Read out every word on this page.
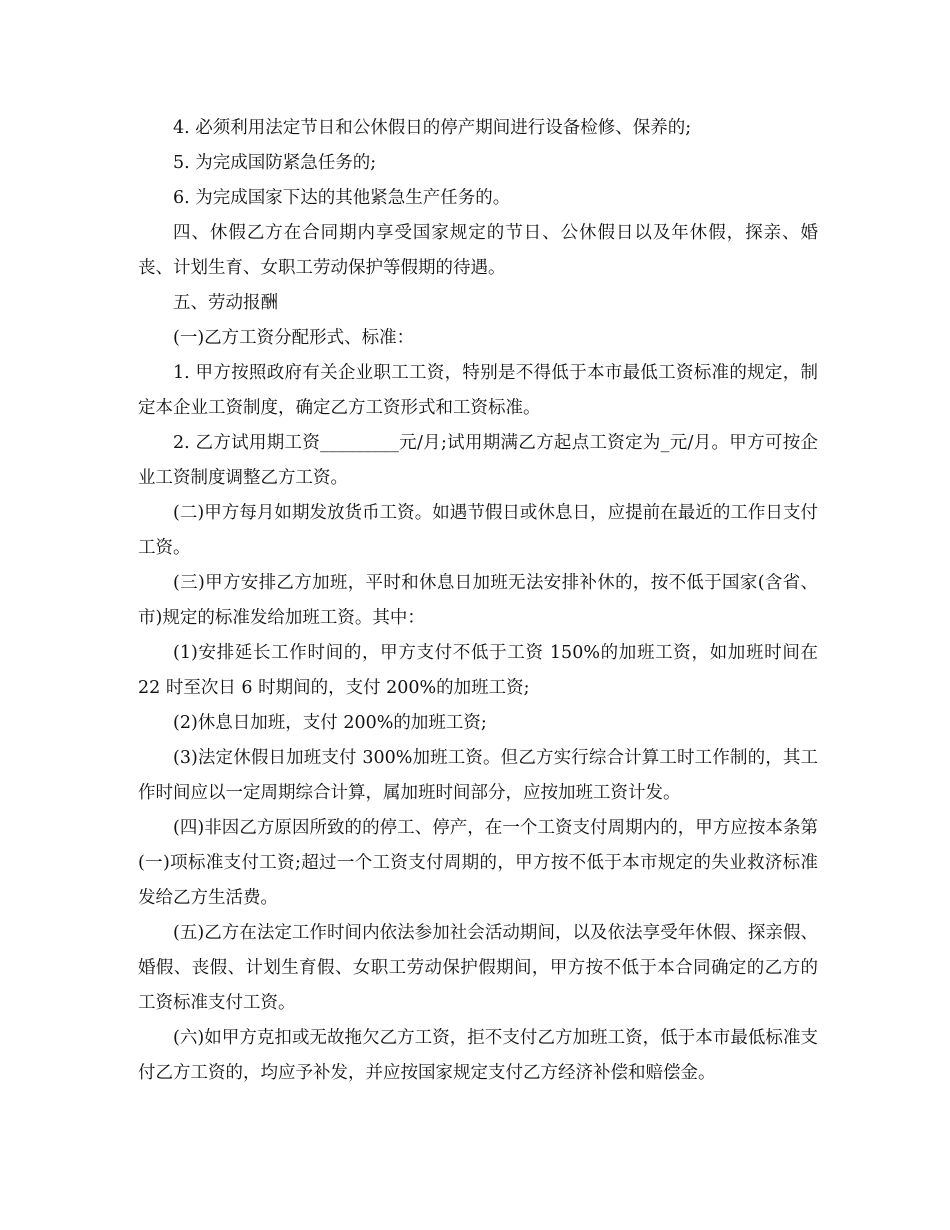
4. 必须利用法定节日和公休假日的停产期间进行设备检修、保养的;

5. 为完成国防紧急任务的;

6. 为完成国家下达的其他紧急生产任务的。

四、休假乙方在合同期内享受国家规定的节日、公休假日以及年休假，探亲、婚丧、计划生育、女职工劳动保护等假期的待遇。

五、劳动报酬

(一)乙方工资分配形式、标准：

1. 甲方按照政府有关企业职工工资，特别是不得低于本市最低工资标准的规定，制定本企业工资制度，确定乙方工资形式和工资标准。

2. 乙方试用期工资_________元/月;试用期满乙方起点工资定为_元/月。甲方可按企业工资制度调整乙方工资。

(二)甲方每月如期发放货币工资。如遇节假日或休息日，应提前在最近的工作日支付工资。

(三)甲方安排乙方加班，平时和休息日加班无法安排补休的，按不低于国家(含省、市)规定的标准发给加班工资。其中：

(1)安排延长工作时间的，甲方支付不低于工资 150%的加班工资，如加班时间在 22 时至次日 6 时期间的，支付 200%的加班工资;

(2)休息日加班，支付 200%的加班工资;

(3)法定休假日加班支付 300%加班工资。但乙方实行综合计算工时工作制的，其工作时间应以一定周期综合计算，属加班时间部分，应按加班工资计发。

(四)非因乙方原因所致的的停工、停产，在一个工资支付周期内的，甲方应按本条第(一)项标准支付工资;超过一个工资支付周期的，甲方按不低于本市规定的失业救济标准发给乙方生活费。

(五)乙方在法定工作时间内依法参加社会活动期间，以及依法享受年休假、探亲假、婚假、丧假、计划生育假、女职工劳动保护假期间，甲方按不低于本合同确定的乙方的工资标准支付工资。

(六)如甲方克扣或无故拖欠乙方工资，拒不支付乙方加班工资，低于本市最低标准支付乙方工资的，均应予补发，并应按国家规定支付乙方经济补偿和赔偿金。
